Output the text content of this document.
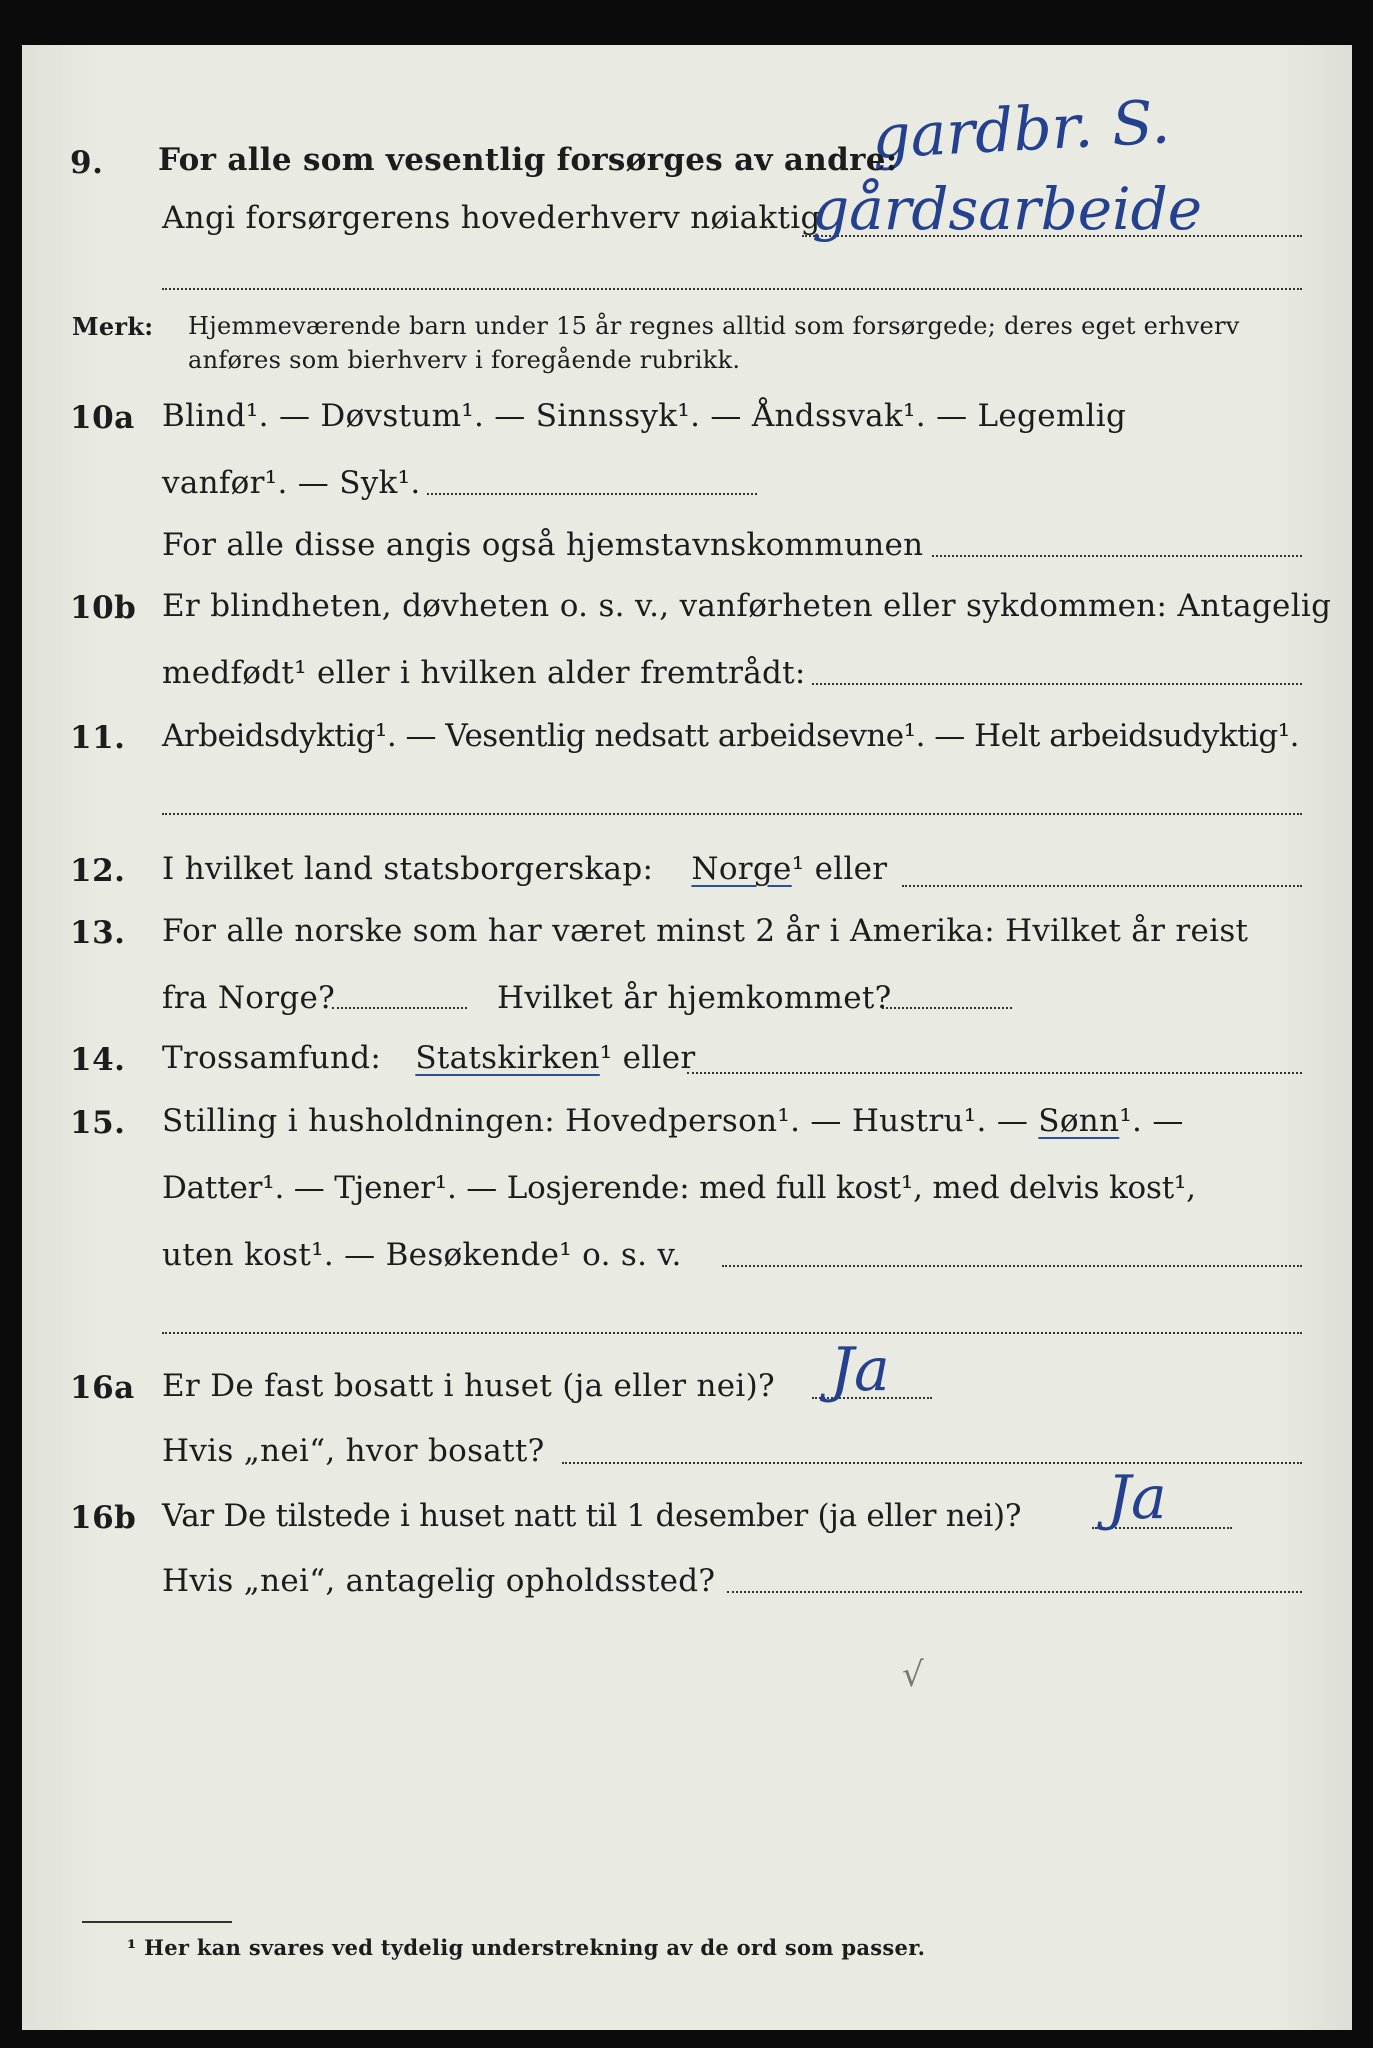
gardbr. S.
9. For alle som vesentlig forsørges av andre:
Angi forsørgerens hovederhverv nøiaktig
gårdsarbeide
Merk: Hjemmeværende barn under 15 år regnes alltid som forsørgede; deres eget erhverv
anføres som bierhverv i foregående rubrikk.
10a Blind¹. — Døvstum¹. — Sinnssyk¹. — Åndssvak¹. — Legemlig
vanfør¹. — Syk¹.
For alle disse angis også hjemstavnskommunen
10b Er blindheten, døvheten o. s. v., vanførheten eller sykdommen: Antagelig
medfødt¹ eller i hvilken alder fremtrådt:
11. Arbeidsdyktig¹. — Vesentlig nedsatt arbeidsevne¹. — Helt arbeidsudyktig¹.
12. I hvilket land statsborgerskap: Norge¹ eller
13. For alle norske som har været minst 2 år i Amerika: Hvilket år reist
fra Norge?	Hvilket år hjemkommet?
14. Trossamfund: Statskirken¹ eller
15. Stilling i husholdningen: Hovedperson¹. — Hustru¹. — Sønn¹. —
Datter¹. — Tjener¹. — Losjerende: med full kost¹, med delvis kost¹,
uten kost¹. — Besøkende¹ o. s. v.
16a Er De fast bosatt i huset (ja eller nei)? Ja
Hvis „nei“, hvor bosatt?
16b Var De tilstede i huset natt til 1 desember (ja eller nei)? Ja
Hvis „nei“, antagelig opholdssted?
√
¹ Her kan svares ved tydelig understrekning av de ord som passer.
